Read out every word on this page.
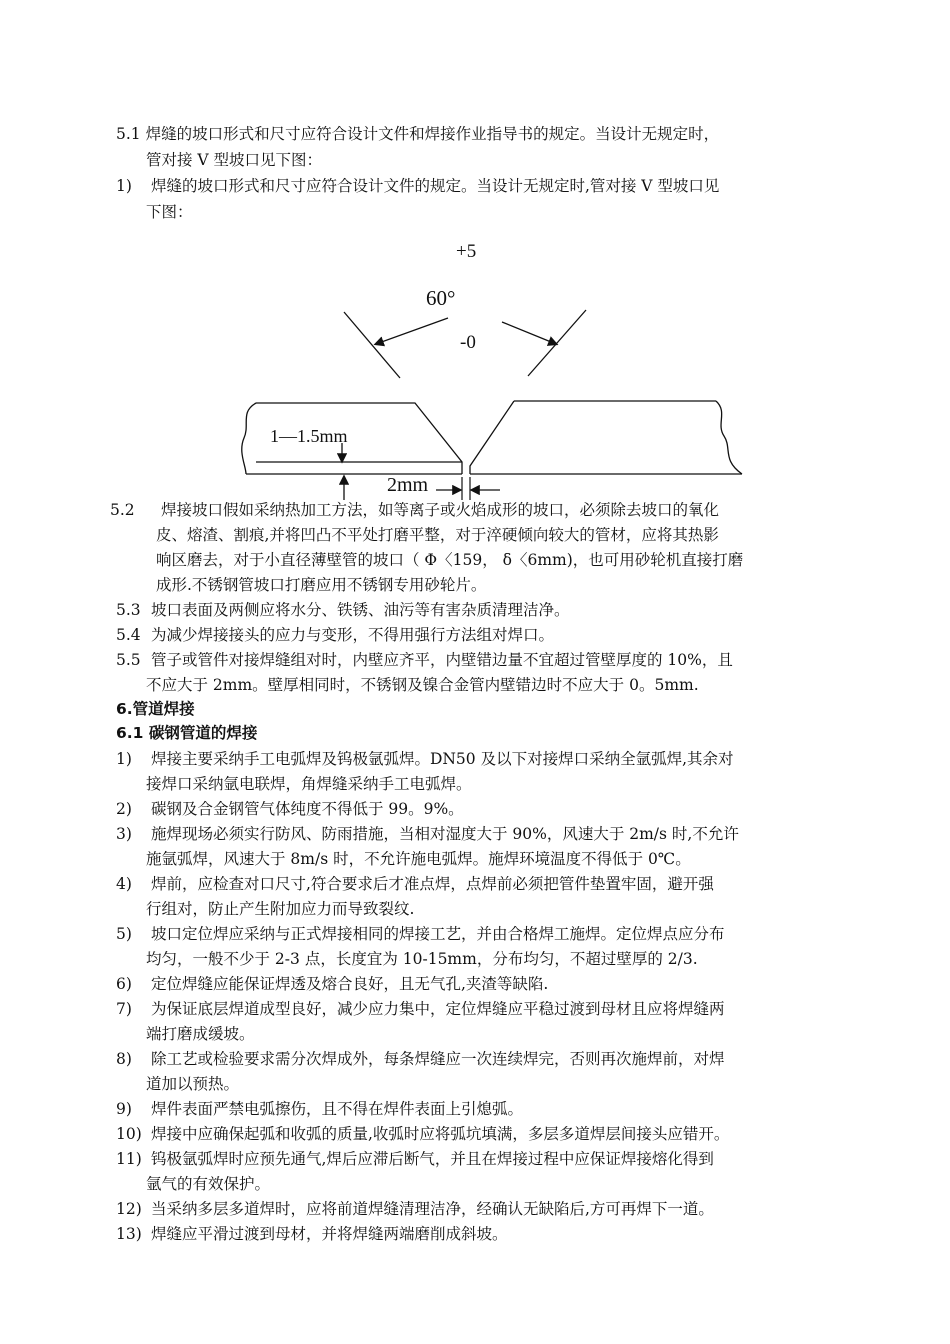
5.1 焊缝的坡口形式和尺寸应符合设计文件和焊接作业指导书的规定。当设计无规定时，
管对接 V 型坡口见下图：
1) 焊缝的坡口形式和尺寸应符合设计文件的规定。当设计无规定时,管对接 V 型坡口见
下图：
+5
60°
-0
1—1.5mm
2mm
5.2 焊接坡口假如采纳热加工方法，如等离子或火焰成形的坡口，必须除去坡口的氧化
皮、熔渣、割痕,并将凹凸不平处打磨平整，对于淬硬倾向较大的管材，应将其热影
响区磨去，对于小直径薄壁管的坡口（ Φ〈159， δ〈6mm)，也可用砂轮机直接打磨
成形.不锈钢管坡口打磨应用不锈钢专用砂轮片。
5.3 坡口表面及两侧应将水分、铁锈、油污等有害杂质清理洁净。
5.4 为减少焊接接头的应力与变形，不得用强行方法组对焊口。
5.5 管子或管件对接焊缝组对时，内壁应齐平，内壁错边量不宜超过管壁厚度的 10%，且
不应大于 2mm。壁厚相同时，不锈钢及镍合金管内壁错边时不应大于 0。5mm.
6.管道焊接
6.1 碳钢管道的焊接
1) 焊接主要采纳手工电弧焊及钨极氩弧焊。DN50 及以下对接焊口采纳全氩弧焊,其余对
接焊口采纳氩电联焊，角焊缝采纳手工电弧焊。
2) 碳钢及合金钢管气体纯度不得低于 99。9%。
3) 施焊现场必须实行防风、防雨措施，当相对湿度大于 90%，风速大于 2m/s 时,不允许
施氩弧焊，风速大于 8m/s 时，不允许施电弧焊。施焊环境温度不得低于 0℃。
4) 焊前，应检查对口尺寸,符合要求后才准点焊，点焊前必须把管件垫置牢固，避开强
行组对，防止产生附加应力而导致裂纹.
5) 坡口定位焊应采纳与正式焊接相同的焊接工艺，并由合格焊工施焊。定位焊点应分布
均匀，一般不少于 2-3 点，长度宜为 10-15mm，分布均匀，不超过壁厚的 2/3.
6) 定位焊缝应能保证焊透及熔合良好，且无气孔,夹渣等缺陷.
7) 为保证底层焊道成型良好，减少应力集中，定位焊缝应平稳过渡到母材且应将焊缝两
端打磨成缓坡。
8) 除工艺或检验要求需分次焊成外，每条焊缝应一次连续焊完，否则再次施焊前，对焊
道加以预热。
9) 焊件表面严禁电弧擦伤，且不得在焊件表面上引熄弧。
10) 焊接中应确保起弧和收弧的质量,收弧时应将弧坑填满，多层多道焊层间接头应错开。
11) 钨极氩弧焊时应预先通气,焊后应滞后断气，并且在焊接过程中应保证焊接熔化得到
氩气的有效保护。
12) 当采纳多层多道焊时，应将前道焊缝清理洁净，经确认无缺陷后,方可再焊下一道。
13) 焊缝应平滑过渡到母材，并将焊缝两端磨削成斜坡。
